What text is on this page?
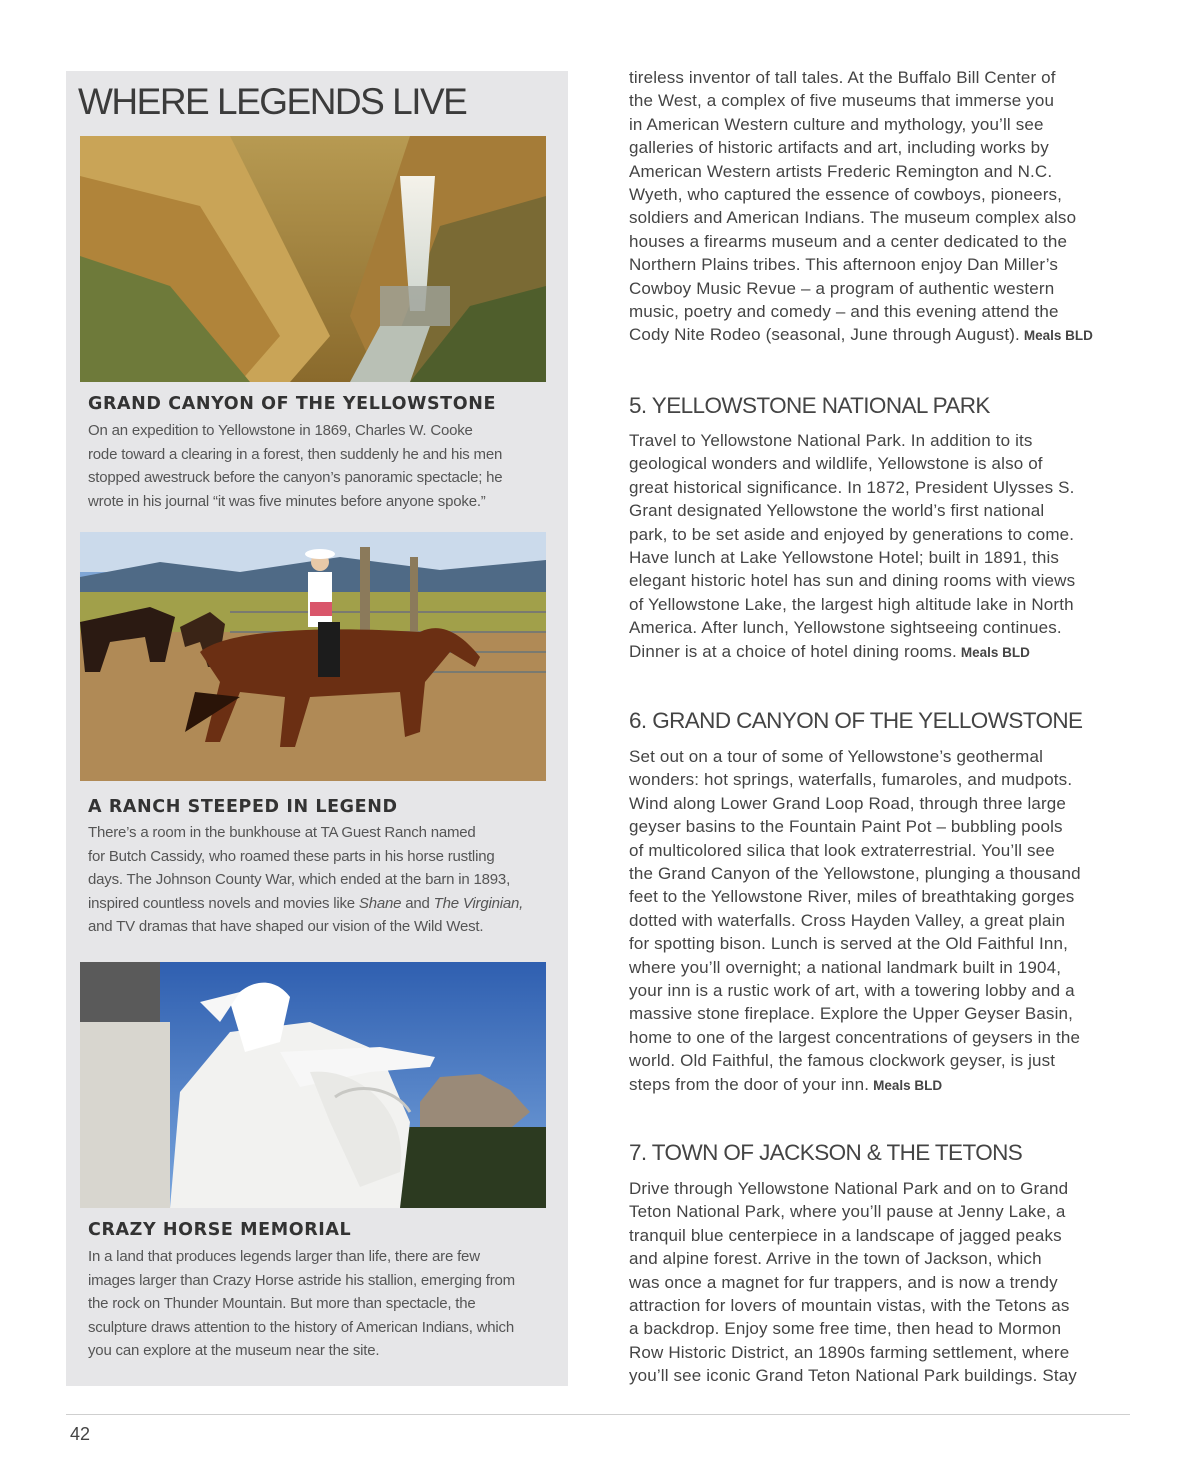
WHERE LEGENDS LIVE
GRAND CANYON OF THE YELLOWSTONE
On an expedition to Yellowstone in 1869, Charles W. Cooke
rode toward a clearing in a forest, then suddenly he and his men
stopped awestruck before the canyon’s panoramic spectacle; he
wrote in his journal “it was five minutes before anyone spoke.”
A RANCH STEEPED IN LEGEND
There’s a room in the bunkhouse at TA Guest Ranch named
for Butch Cassidy, who roamed these parts in his horse rustling
days. The Johnson County War, which ended at the barn in 1893,
inspired countless novels and movies like Shane and The Virginian,
and TV dramas that have shaped our vision of the Wild West.
CRAZY HORSE MEMORIAL
In a land that produces legends larger than life, there are few
images larger than Crazy Horse astride his stallion, emerging from
the rock on Thunder Mountain. But more than spectacle, the
sculpture draws attention to the history of American Indians, which
you can explore at the museum near the site.
tireless inventor of tall tales. At the Buffalo Bill Center of
the West, a complex of five museums that immerse you
in American Western culture and mythology, you’ll see
galleries of historic artifacts and art, including works by
American Western artists Frederic Remington and N.C.
Wyeth, who captured the essence of cowboys, pioneers,
soldiers and American Indians. The museum complex also
houses a firearms museum and a center dedicated to the
Northern Plains tribes. This afternoon enjoy Dan Miller’s
Cowboy Music Revue – a program of authentic western
music, poetry and comedy – and this evening attend the
Cody Nite Rodeo (seasonal, June through August). Meals BLD
5. YELLOWSTONE NATIONAL PARK
Travel to Yellowstone National Park. In addition to its
geological wonders and wildlife, Yellowstone is also of
great historical significance. In 1872, President Ulysses S.
Grant designated Yellowstone the world’s first national
park, to be set aside and enjoyed by generations to come.
Have lunch at Lake Yellowstone Hotel; built in 1891, this
elegant historic hotel has sun and dining rooms with views
of Yellowstone Lake, the largest high altitude lake in North
America. After lunch, Yellowstone sightseeing continues.
Dinner is at a choice of hotel dining rooms. Meals BLD
6. GRAND CANYON OF THE YELLOWSTONE
Set out on a tour of some of Yellowstone’s geothermal
wonders: hot springs, waterfalls, fumaroles, and mudpots.
Wind along Lower Grand Loop Road, through three large
geyser basins to the Fountain Paint Pot – bubbling pools
of multicolored silica that look extraterrestrial. You’ll see
the Grand Canyon of the Yellowstone, plunging a thousand
feet to the Yellowstone River, miles of breathtaking gorges
dotted with waterfalls. Cross Hayden Valley, a great plain
for spotting bison. Lunch is served at the Old Faithful Inn,
where you’ll overnight; a national landmark built in 1904,
your inn is a rustic work of art, with a towering lobby and a
massive stone fireplace. Explore the Upper Geyser Basin,
home to one of the largest concentrations of geysers in the
world. Old Faithful, the famous clockwork geyser, is just
steps from the door of your inn. Meals BLD
7. TOWN OF JACKSON & THE TETONS
Drive through Yellowstone National Park and on to Grand
Teton National Park, where you’ll pause at Jenny Lake, a
tranquil blue centerpiece in a landscape of jagged peaks
and alpine forest. Arrive in the town of Jackson, which
was once a magnet for fur trappers, and is now a trendy
attraction for lovers of mountain vistas, with the Tetons as
a backdrop. Enjoy some free time, then head to Mormon
Row Historic District, an 1890s farming settlement, where
you’ll see iconic Grand Teton National Park buildings. Stay
42
